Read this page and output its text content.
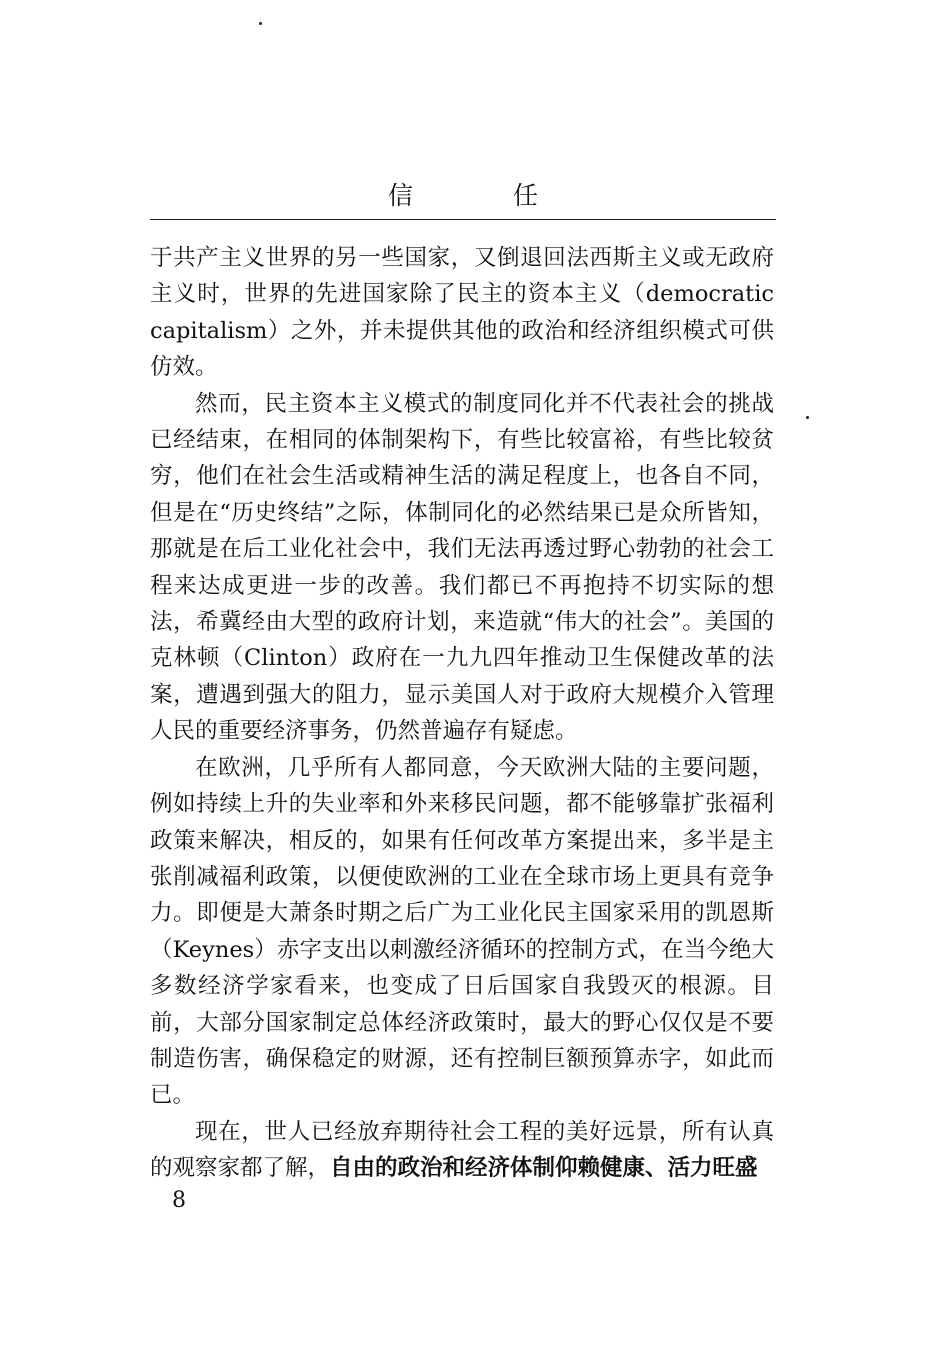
信 任

于共产主义世界的另一些国家，又倒退回法西斯主义或无政府主义时，世界的先进国家除了民主的资本主义（democratic capitalism）之外，并未提供其他的政治和经济组织模式可供仿效。

然而，民主资本主义模式的制度同化并不代表社会的挑战已经结束，在相同的体制架构下，有些比较富裕，有些比较贫穷，他们在社会生活或精神生活的满足程度上，也各自不同，但是在“历史终结”之际，体制同化的必然结果已是众所皆知，那就是在后工业化社会中，我们无法再透过野心勃勃的社会工程来达成更进一步的改善。我们都已不再抱持不切实际的想法，希冀经由大型的政府计划，来造就“伟大的社会”。美国的克林顿（Clinton）政府在一九九四年推动卫生保健改革的法案，遭遇到强大的阻力，显示美国人对于政府大规模介入管理人民的重要经济事务，仍然普遍存有疑虑。

在欧洲，几乎所有人都同意，今天欧洲大陆的主要问题，例如持续上升的失业率和外来移民问题，都不能够靠扩张福利政策来解决，相反的，如果有任何改革方案提出来，多半是主张削减福利政策，以便使欧洲的工业在全球市场上更具有竞争力。即便是大萧条时期之后广为工业化民主国家采用的凯恩斯（Keynes）赤字支出以刺激经济循环的控制方式，在当今绝大多数经济学家看来，也变成了日后国家自我毁灭的根源。目前，大部分国家制定总体经济政策时，最大的野心仅仅是不要制造伤害，确保稳定的财源，还有控制巨额预算赤字，如此而已。

现在，世人已经放弃期待社会工程的美好远景，所有认真的观察家都了解，自由的政治和经济体制仰赖健康、活力旺盛

8
